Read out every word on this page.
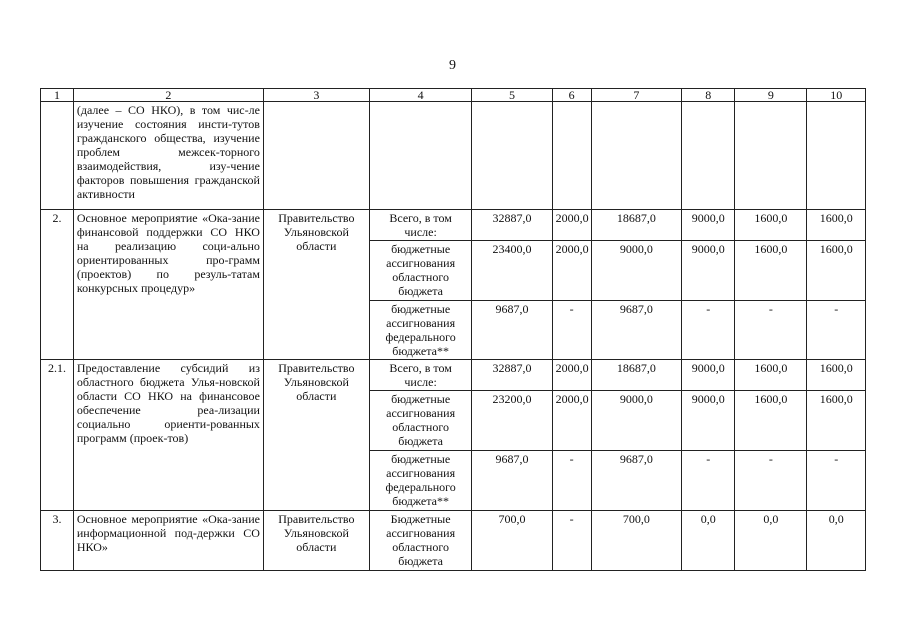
9
1	2	3	4	5	6	7	8	9	10
	(далее – СО НКО), в том чис-ле изучение состояния инсти-тутов гражданского общества, изучение проблем межсек-торного взаимодействия, изу-чение факторов повышения гражданской активности								
2.	Основное мероприятие «Ока-зание финансовой поддержки СО НКО на реализацию соци-ально ориентированных про-грамм (проектов) по резуль-татам конкурсных процедур»	Правительство Ульяновской области	Всего, в том числе:	32887,0	2000,0	18687,0	9000,0	1600,0	1600,0
			бюджетные ассигнования областного бюджета	23400,0	2000,0	9000,0	9000,0	1600,0	1600,0
			бюджетные ассигнования федерального бюджета**	9687,0	-	9687,0	-	-	-
2.1.	Предоставление субсидий из областного бюджета Улья-новской области СО НКО на финансовое обеспечение реа-лизации социально ориенти-рованных программ (проек-тов)	Правительство Ульяновской области	Всего, в том числе:	32887,0	2000,0	18687,0	9000,0	1600,0	1600,0
			бюджетные ассигнования областного бюджета	23200,0	2000,0	9000,0	9000,0	1600,0	1600,0
			бюджетные ассигнования федерального бюджета**	9687,0	-	9687,0	-	-	-
3.	Основное мероприятие «Ока-зание информационной под-держки СО НКО»	Правительство Ульяновской области	Бюджетные ассигнования областного бюджета	700,0	-	700,0	0,0	0,0	0,0
